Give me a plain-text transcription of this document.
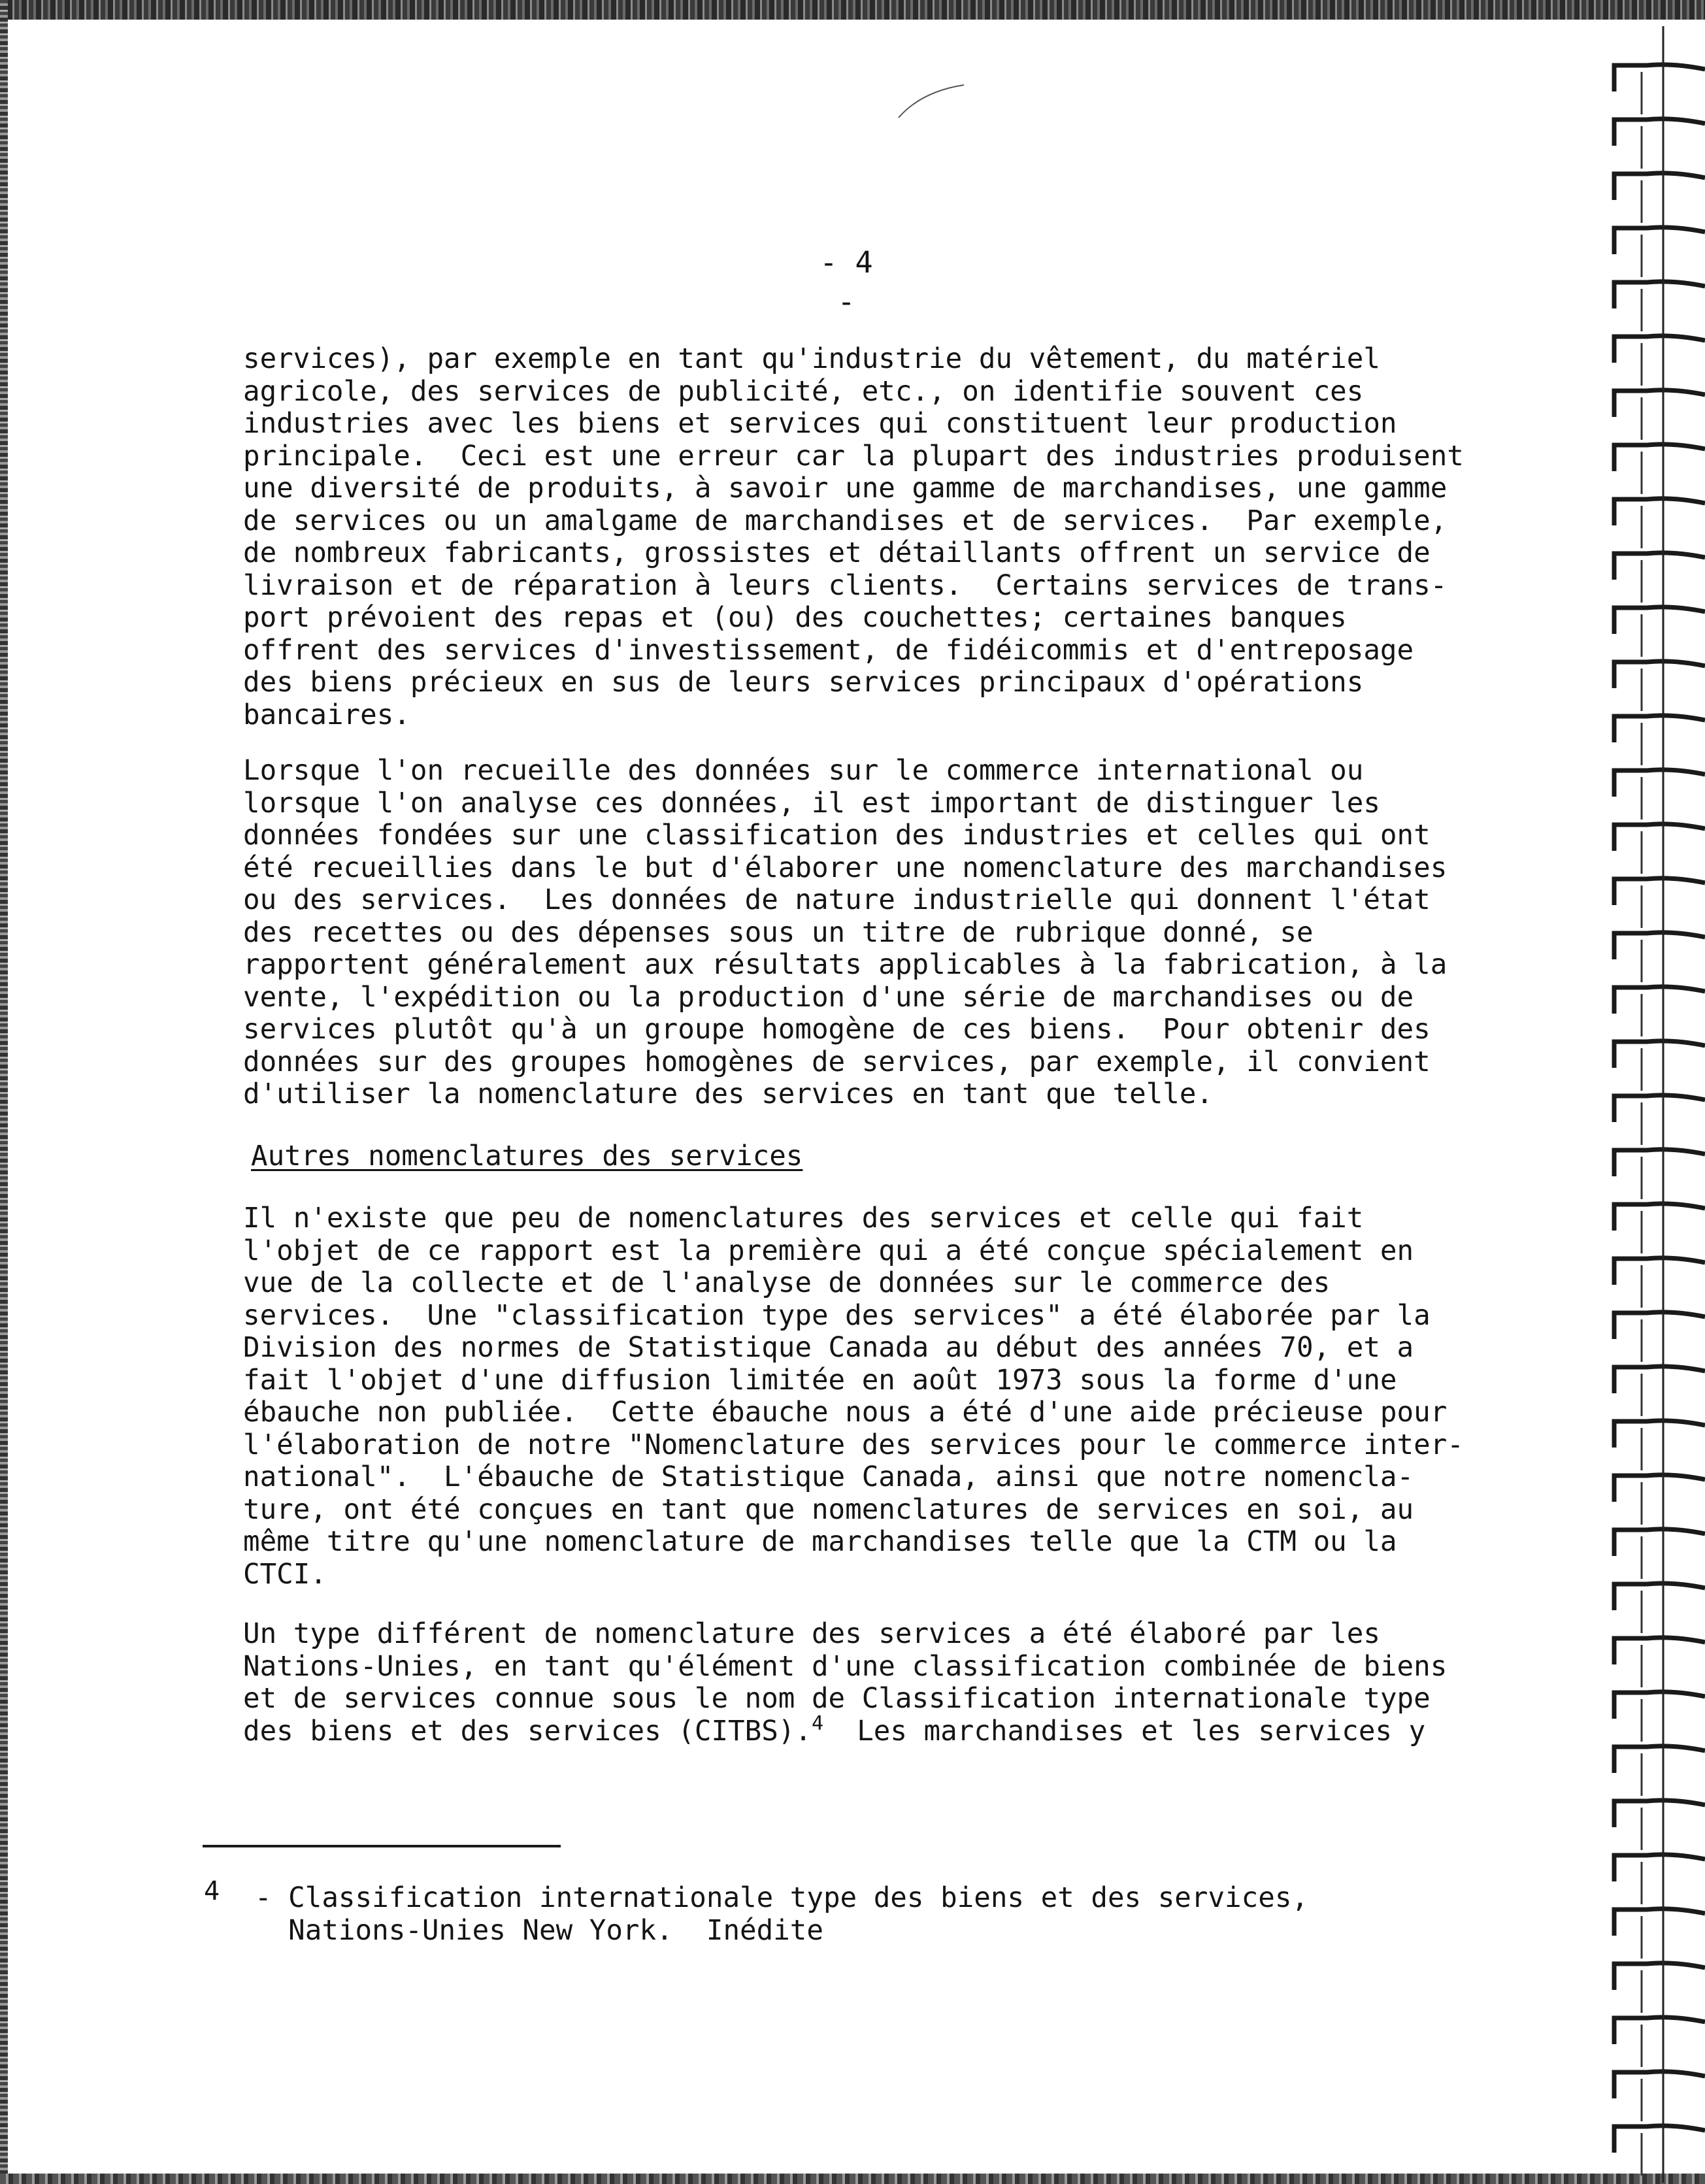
- 4 -
services), par exemple en tant qu'industrie du vêtement, du matériel
agricole, des services de publicité, etc., on identifie souvent ces
industries avec les biens et services qui constituent leur production
principale.  Ceci est une erreur car la plupart des industries produisent
une diversité de produits, à savoir une gamme de marchandises, une gamme
de services ou un amalgame de marchandises et de services.  Par exemple,
de nombreux fabricants, grossistes et détaillants offrent un service de
livraison et de réparation à leurs clients.  Certains services de trans-
port prévoient des repas et (ou) des couchettes; certaines banques
offrent des services d'investissement, de fidéicommis et d'entreposage
des biens précieux en sus de leurs services principaux d'opérations
bancaires.

Lorsque l'on recueille des données sur le commerce international ou
lorsque l'on analyse ces données, il est important de distinguer les
données fondées sur une classification des industries et celles qui ont
été recueillies dans le but d'élaborer une nomenclature des marchandises
ou des services.  Les données de nature industrielle qui donnent l'état
des recettes ou des dépenses sous un titre de rubrique donné, se
rapportent généralement aux résultats applicables à la fabrication, à la
vente, l'expédition ou la production d'une série de marchandises ou de
services plutôt qu'à un groupe homogène de ces biens.  Pour obtenir des
données sur des groupes homogènes de services, par exemple, il convient
d'utiliser la nomenclature des services en tant que telle.

Autres nomenclatures des services
Il n'existe que peu de nomenclatures des services et celle qui fait
l'objet de ce rapport est la première qui a été conçue spécialement en
vue de la collecte et de l'analyse de données sur le commerce des
services.  Une "classification type des services" a été élaborée par la
Division des normes de Statistique Canada au début des années 70, et a
fait l'objet d'une diffusion limitée en août 1973 sous la forme d'une
ébauche non publiée.  Cette ébauche nous a été d'une aide précieuse pour
l'élaboration de notre "Nomenclature des services pour le commerce inter-
national".  L'ébauche de Statistique Canada, ainsi que notre nomencla-
ture, ont été conçues en tant que nomenclatures de services en soi, au
même titre qu'une nomenclature de marchandises telle que la CTM ou la
CTCI.

Un type différent de nomenclature des services a été élaboré par les
Nations-Unies, en tant qu'élément d'une classification combinée de biens
et de services connue sous le nom de Classification internationale type

des biens et des services (CITBS).$^4$  Les marchandises et les services y
4 - Classification internationale type des biens et des services,
Nations-Unies New York.  Inédite
